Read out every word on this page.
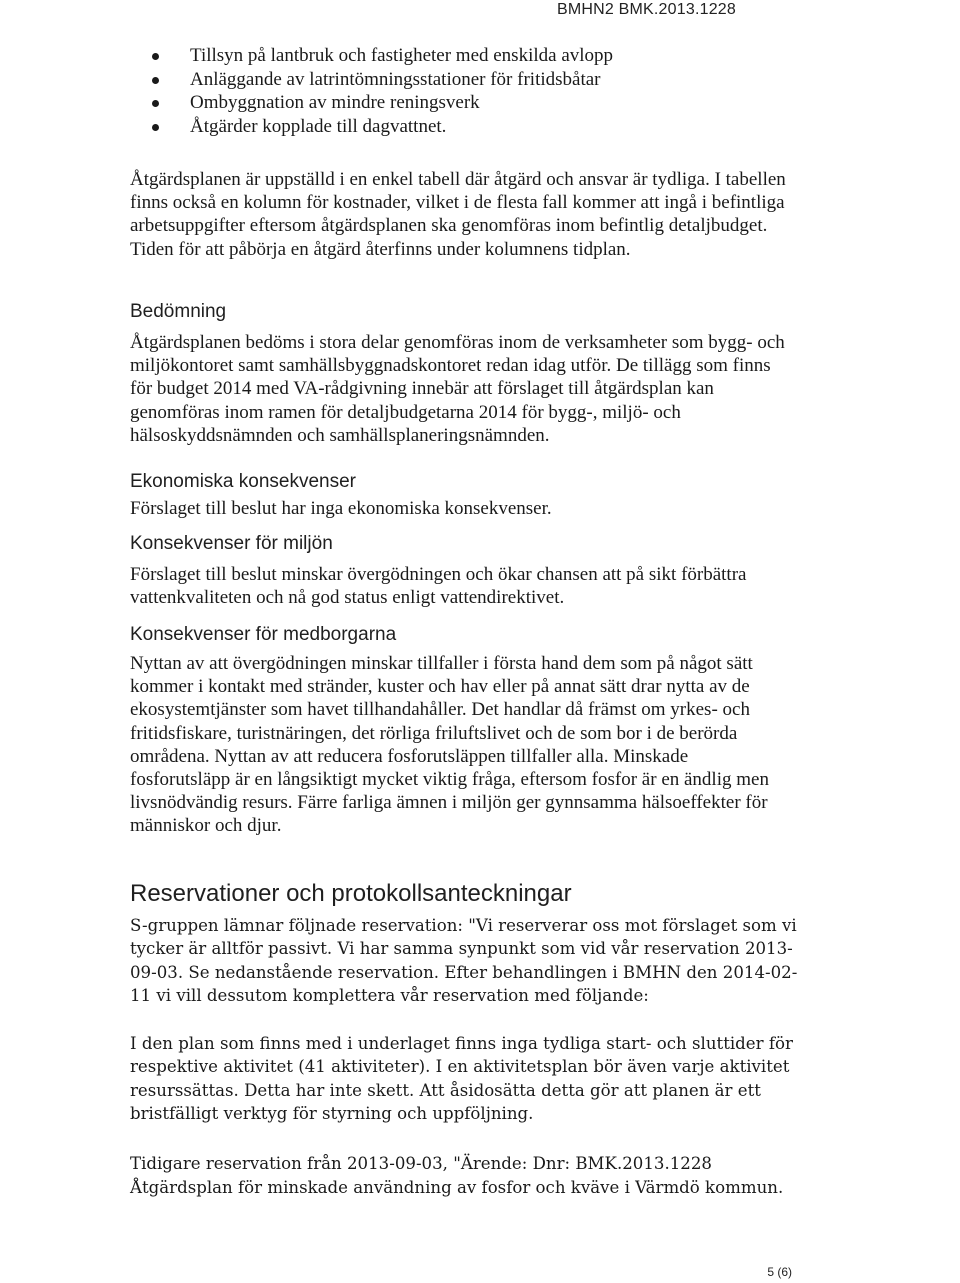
BMHN2 BMK.2013.1228

Tillsyn på lantbruk och fastigheter med enskilda avlopp
Anläggande av latrintömningsstationer för fritidsbåtar
Ombyggnation av mindre reningsverk
Åtgärder kopplade till dagvattnet.

Åtgärdsplanen är uppställd i en enkel tabell där åtgärd och ansvar är tydliga. I tabellen finns också en kolumn för kostnader, vilket i de flesta fall kommer att ingå i befintliga arbetsuppgifter eftersom åtgärdsplanen ska genomföras inom befintlig detaljbudget. Tiden för att påbörja en åtgärd återfinns under kolumnens tidplan.

Bedömning

Åtgärdsplanen bedöms i stora delar genomföras inom de verksamheter som bygg- och miljökontoret samt samhällsbyggnadskontoret redan idag utför. De tillägg som finns för budget 2014 med VA-rådgivning innebär att förslaget till åtgärdsplan kan genomföras inom ramen för detaljbudgetarna 2014 för bygg-, miljö- och hälsoskyddsnämnden och samhällsplaneringsnämnden.

Ekonomiska konsekvenser

Förslaget till beslut har inga ekonomiska konsekvenser.

Konsekvenser för miljön

Förslaget till beslut minskar övergödningen och ökar chansen att på sikt förbättra vattenkvaliteten och nå god status enligt vattendirektivet.

Konsekvenser för medborgarna

Nyttan av att övergödningen minskar tillfaller i första hand dem som på något sätt kommer i kontakt med stränder, kuster och hav eller på annat sätt drar nytta av de ekosystemtjänster som havet tillhandahåller. Det handlar då främst om yrkes- och fritidsfiskare, turistnäringen, det rörliga friluftslivet och de som bor i de berörda områdena. Nyttan av att reducera fosforutsläppen tillfaller alla. Minskade fosforutsläpp är en långsiktigt mycket viktig fråga, eftersom fosfor är en ändlig men livsnödvändig resurs. Färre farliga ämnen i miljön ger gynnsamma hälsoeffekter för människor och djur.

Reservationer och protokollsanteckningar

S-gruppen lämnar följnade reservation: "Vi reserverar oss mot förslaget som vi tycker är alltför passivt. Vi har samma synpunkt som vid vår reservation 2013-09-03. Se nedanstående reservation. Efter behandlingen i BMHN den 2014-02-11 vi vill dessutom komplettera vår reservation med följande:

I den plan som finns med i underlaget finns inga tydliga start- och sluttider för respektive aktivitet (41 aktiviteter). I en aktivitetsplan bör även varje aktivitet resurssättas. Detta har inte skett. Att åsidosätta detta gör att planen är ett bristfälligt verktyg för styrning och uppföljning.

Tidigare reservation från 2013-09-03, "Ärende: Dnr: BMK.2013.1228

Åtgärdsplan för minskade användning av fosfor och kväve i Värmdö kommun.

5 (6)
